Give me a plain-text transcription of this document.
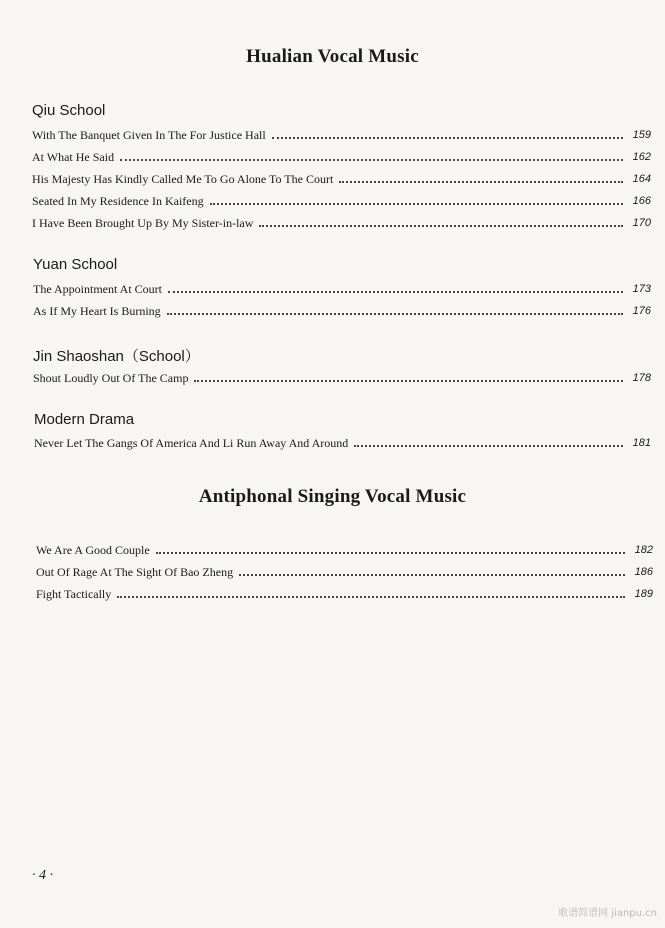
Hualian Vocal Music
Qiu School
With The Banquet Given In The For Justice Hall	159
At What He Said	162
His Majesty Has Kindly Called Me To Go Alone To The Court	164
Seated In My Residence In Kaifeng	166
I Have Been Brought Up By My Sister-in-law	170
Yuan School
The Appointment At Court	173
As If My Heart Is Burning	176
Jin Shaoshan（School）
Shout Loudly Out Of The Camp	178
Modern Drama
Never Let The Gangs Of America And Li Run Away And Around	181
Antiphonal Singing Vocal Music
We Are A Good Couple	182
Out Of Rage At The Sight Of Bao Zheng	186
Fight Tactically	189
· 4 ·
歌谱简谱网 jianpu.cn
